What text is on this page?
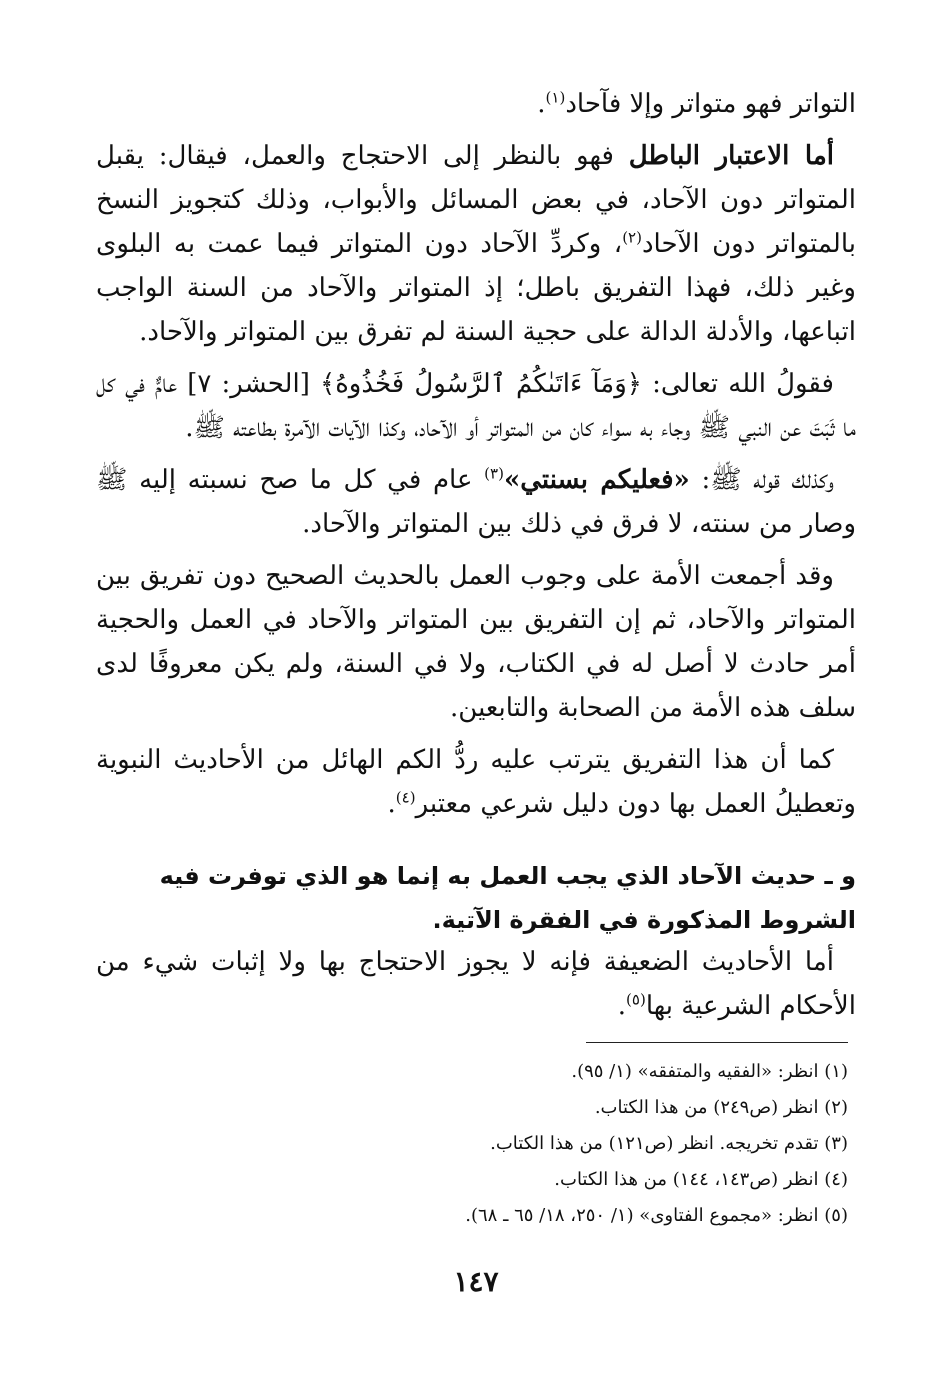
التواتر فهو متواتر وإلا فآحاد$^{(١)}$.

أما الاعتبار الباطل فهو بالنظر إلى الاحتجاج والعمل، فيقال: يقبل المتواتر دون الآحاد، في بعض المسائل والأبواب، وذلك كتجويز النسخ بالمتواتر دون الآحاد$^{(٢)}$، وكردِّ الآحاد دون المتواتر فيما عمت به البلوى وغير ذلك، فهذا التفريق باطل؛ إذ المتواتر والآحاد من السنة الواجب اتباعها، والأدلة الدالة على حجية السنة لم تفرق بين المتواتر والآحاد.

فقولُ الله تعالى: ﴿وَمَآ ءَاتَىٰكُمُ ٱلرَّسُولُ فَخُذُوهُ﴾ [الحشر: ٧] عامٌّ في كل ما ثَبَتَ عن النبي ﷺ وجاء به سواء كان من المتواتر أو الآحاد، وكذا الآيات الآمرة بطاعته ﷺ.

وكذلك قوله ﷺ: «فعليكم بسنتي»$^{(٣)}$ عام في كل ما صح نسبته إليه ﷺ وصار من سنته، لا فرق في ذلك بين المتواتر والآحاد.

وقد أجمعت الأمة على وجوب العمل بالحديث الصحيح دون تفريق بين المتواتر والآحاد، ثم إن التفريق بين المتواتر والآحاد في العمل والحجية أمر حادث لا أصل له في الكتاب، ولا في السنة، ولم يكن معروفًا لدى سلف هذه الأمة من الصحابة والتابعين.

كما أن هذا التفريق يترتب عليه ردُّ الكم الهائل من الأحاديث النبوية وتعطيلُ العمل بها دون دليل شرعي معتبر$^{(٤)}$.

و ـ حديث الآحاد الذي يجب العمل به إنما هو الذي توفرت فيه الشروط المذكورة في الفقرة الآتية.

أما الأحاديث الضعيفة فإنه لا يجوز الاحتجاج بها ولا إثبات شيء من الأحكام الشرعية بها$^{(٥)}$.

(١) انظر: «الفقيه والمتفقه» (١/ ٩٥).

(٢) انظر (ص٢٤٩) من هذا الكتاب.

(٣) تقدم تخريجه. انظر (ص١٢١) من هذا الكتاب.

(٤) انظر (ص١٤٣، ١٤٤) من هذا الكتاب.

(٥) انظر: «مجموع الفتاوى» (١/ ٢٥٠، ١٨/ ٦٥ ـ ٦٨).

١٤٧
